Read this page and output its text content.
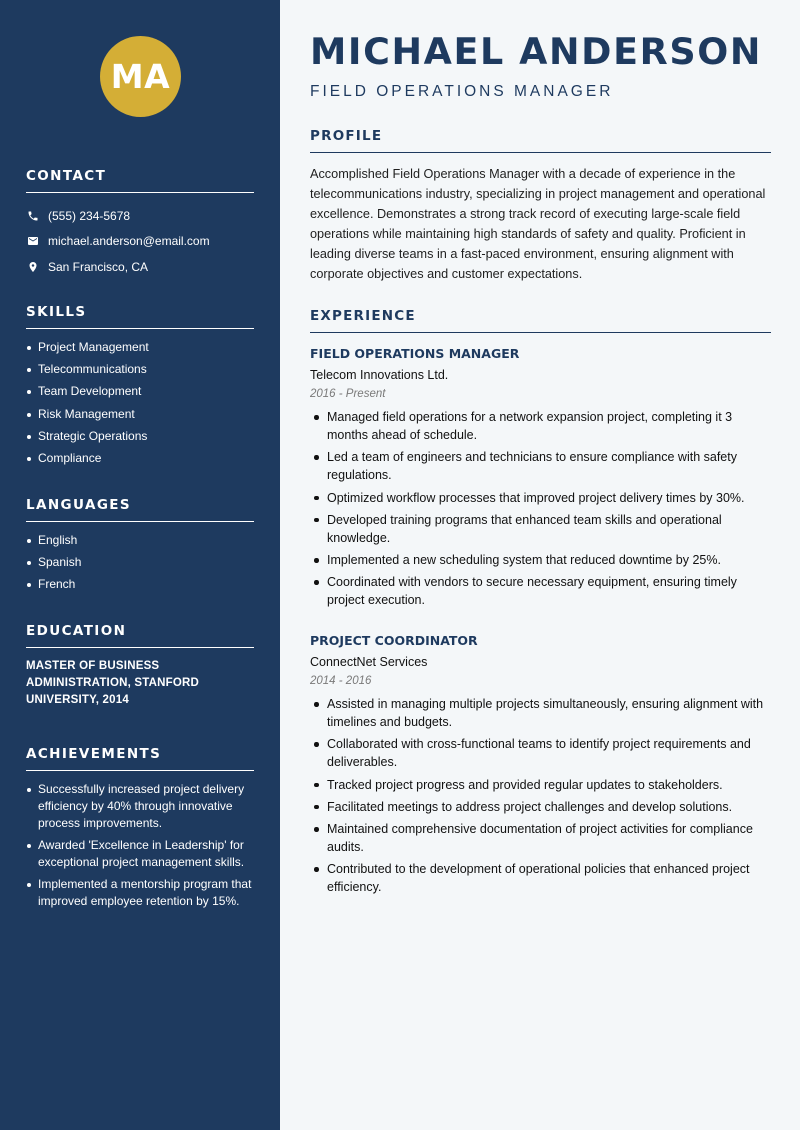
MA
CONTACT
(555) 234-5678
michael.anderson@email.com
San Francisco, CA
SKILLS
Project Management
Telecommunications
Team Development
Risk Management
Strategic Operations
Compliance
LANGUAGES
English
Spanish
French
EDUCATION

MASTER OF BUSINESS ADMINISTRATION, STANFORD UNIVERSITY, 2014

ACHIEVEMENTS
Successfully increased project delivery efficiency by 40% through innovative process improvements.
Awarded 'Excellence in Leadership' for exceptional project management skills.
Implemented a mentorship program that improved employee retention by 15%.
MICHAEL ANDERSON
FIELD OPERATIONS MANAGER
PROFILE

Accomplished Field Operations Manager with a decade of experience in the telecommunications industry, specializing in project management and operational excellence. Demonstrates a strong track record of executing large-scale field operations while maintaining high standards of safety and quality. Proficient in leading diverse teams in a fast-paced environment, ensuring alignment with corporate objectives and customer expectations.

EXPERIENCE
FIELD OPERATIONS MANAGER
Telecom Innovations Ltd.
2016 - Present
Managed field operations for a network expansion project, completing it 3 months ahead of schedule.
Led a team of engineers and technicians to ensure compliance with safety regulations.
Optimized workflow processes that improved project delivery times by 30%.
Developed training programs that enhanced team skills and operational knowledge.
Implemented a new scheduling system that reduced downtime by 25%.
Coordinated with vendors to secure necessary equipment, ensuring timely project execution.
PROJECT COORDINATOR
ConnectNet Services
2014 - 2016
Assisted in managing multiple projects simultaneously, ensuring alignment with timelines and budgets.
Collaborated with cross-functional teams to identify project requirements and deliverables.
Tracked project progress and provided regular updates to stakeholders.
Facilitated meetings to address project challenges and develop solutions.
Maintained comprehensive documentation of project activities for compliance audits.
Contributed to the development of operational policies that enhanced project efficiency.
